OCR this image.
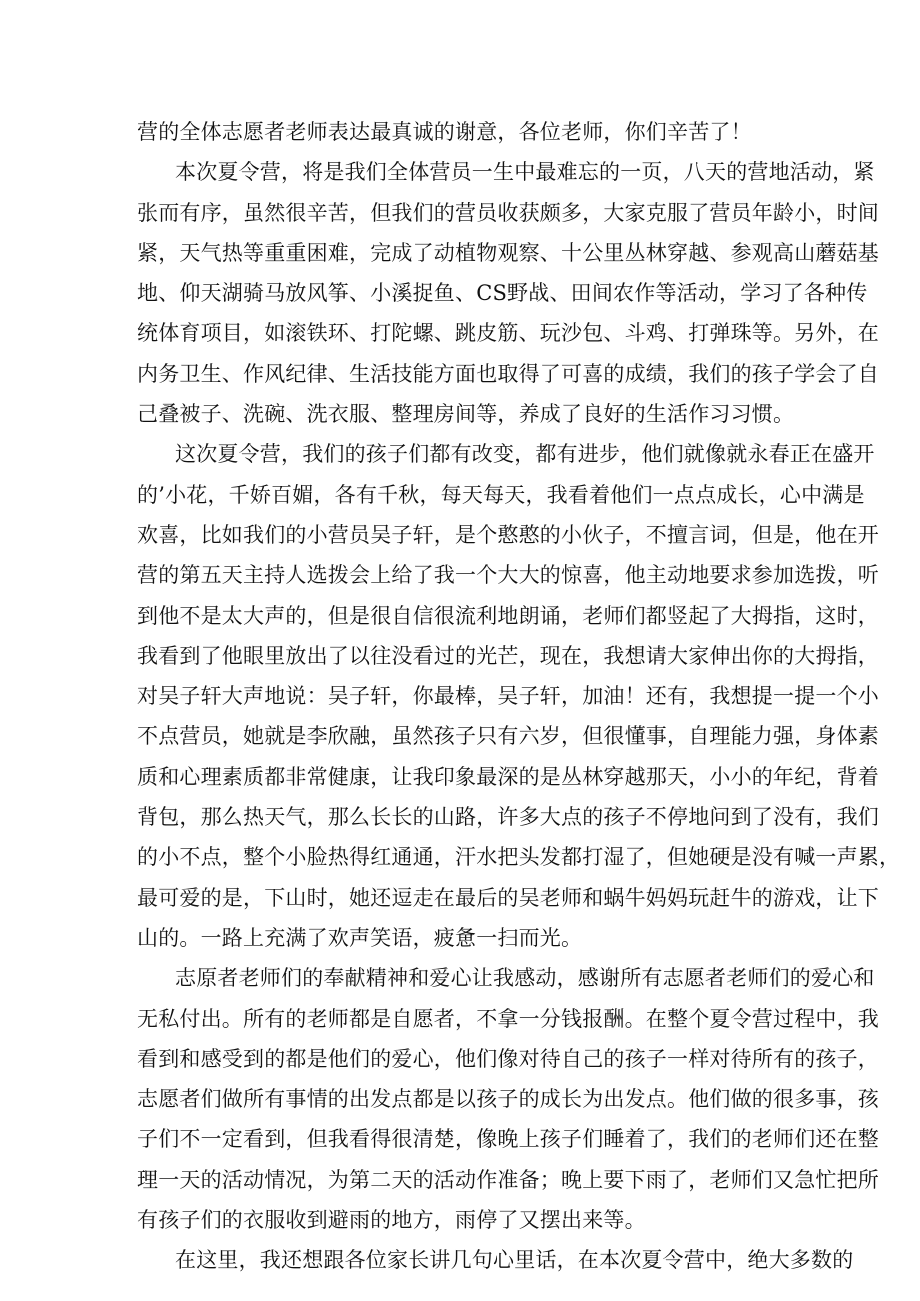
营的全体志愿者老师表达最真诚的谢意，各位老师，你们辛苦了！
本次夏令营，将是我们全体营员一生中最难忘的一页，八天的营地活动，紧
张而有序，虽然很辛苦，但我们的营员收获颇多，大家克服了营员年龄小，时间
紧，天气热等重重困难，完成了动植物观察、十公里丛林穿越、参观高山蘑菇基
地、仰天湖骑马放风筝、小溪捉鱼、CS野战、田间农作等活动，学习了各种传
统体育项目，如滚铁环、打陀螺、跳皮筋、玩沙包、斗鸡、打弹珠等。另外，在
内务卫生、作风纪律、生活技能方面也取得了可喜的成绩，我们的孩子学会了自
己叠被子、洗碗、洗衣服、整理房间等，养成了良好的生活作习习惯。
这次夏令营，我们的孩子们都有改变，都有进步，他们就像就永春正在盛开
的’小花，千娇百媚，各有千秋，每天每天，我看着他们一点点成长，心中满是
欢喜，比如我们的小营员吴子轩，是个憨憨的小伙子，不擅言词，但是，他在开
营的第五天主持人选拨会上给了我一个大大的惊喜，他主动地要求参加选拨，听
到他不是太大声的，但是很自信很流利地朗诵，老师们都竖起了大拇指，这时，
我看到了他眼里放出了以往没看过的光芒，现在，我想请大家伸出你的大拇指，
对吴子轩大声地说：吴子轩，你最棒，吴子轩，加油！还有，我想提一提一个小
不点营员，她就是李欣融，虽然孩子只有六岁，但很懂事，自理能力强，身体素
质和心理素质都非常健康，让我印象最深的是丛林穿越那天，小小的年纪，背着
背包，那么热天气，那么长长的山路，许多大点的孩子不停地问到了没有，我们
的小不点，整个小脸热得红通通，汗水把头发都打湿了，但她硬是没有喊一声累，
最可爱的是，下山时，她还逗走在最后的吴老师和蜗牛妈妈玩赶牛的游戏，让下
山的。一路上充满了欢声笑语，疲惫一扫而光。
志原者老师们的奉献精神和爱心让我感动，感谢所有志愿者老师们的爱心和
无私付出。所有的老师都是自愿者，不拿一分钱报酬。在整个夏令营过程中，我
看到和感受到的都是他们的爱心，他们像对待自己的孩子一样对待所有的孩子，
志愿者们做所有事情的出发点都是以孩子的成长为出发点。他们做的很多事，孩
子们不一定看到，但我看得很清楚，像晚上孩子们睡着了，我们的老师们还在整
理一天的活动情况，为第二天的活动作准备；晚上要下雨了，老师们又急忙把所
有孩子们的衣服收到避雨的地方，雨停了又摆出来等。
在这里，我还想跟各位家长讲几句心里话，在本次夏令营中，绝大多数的
